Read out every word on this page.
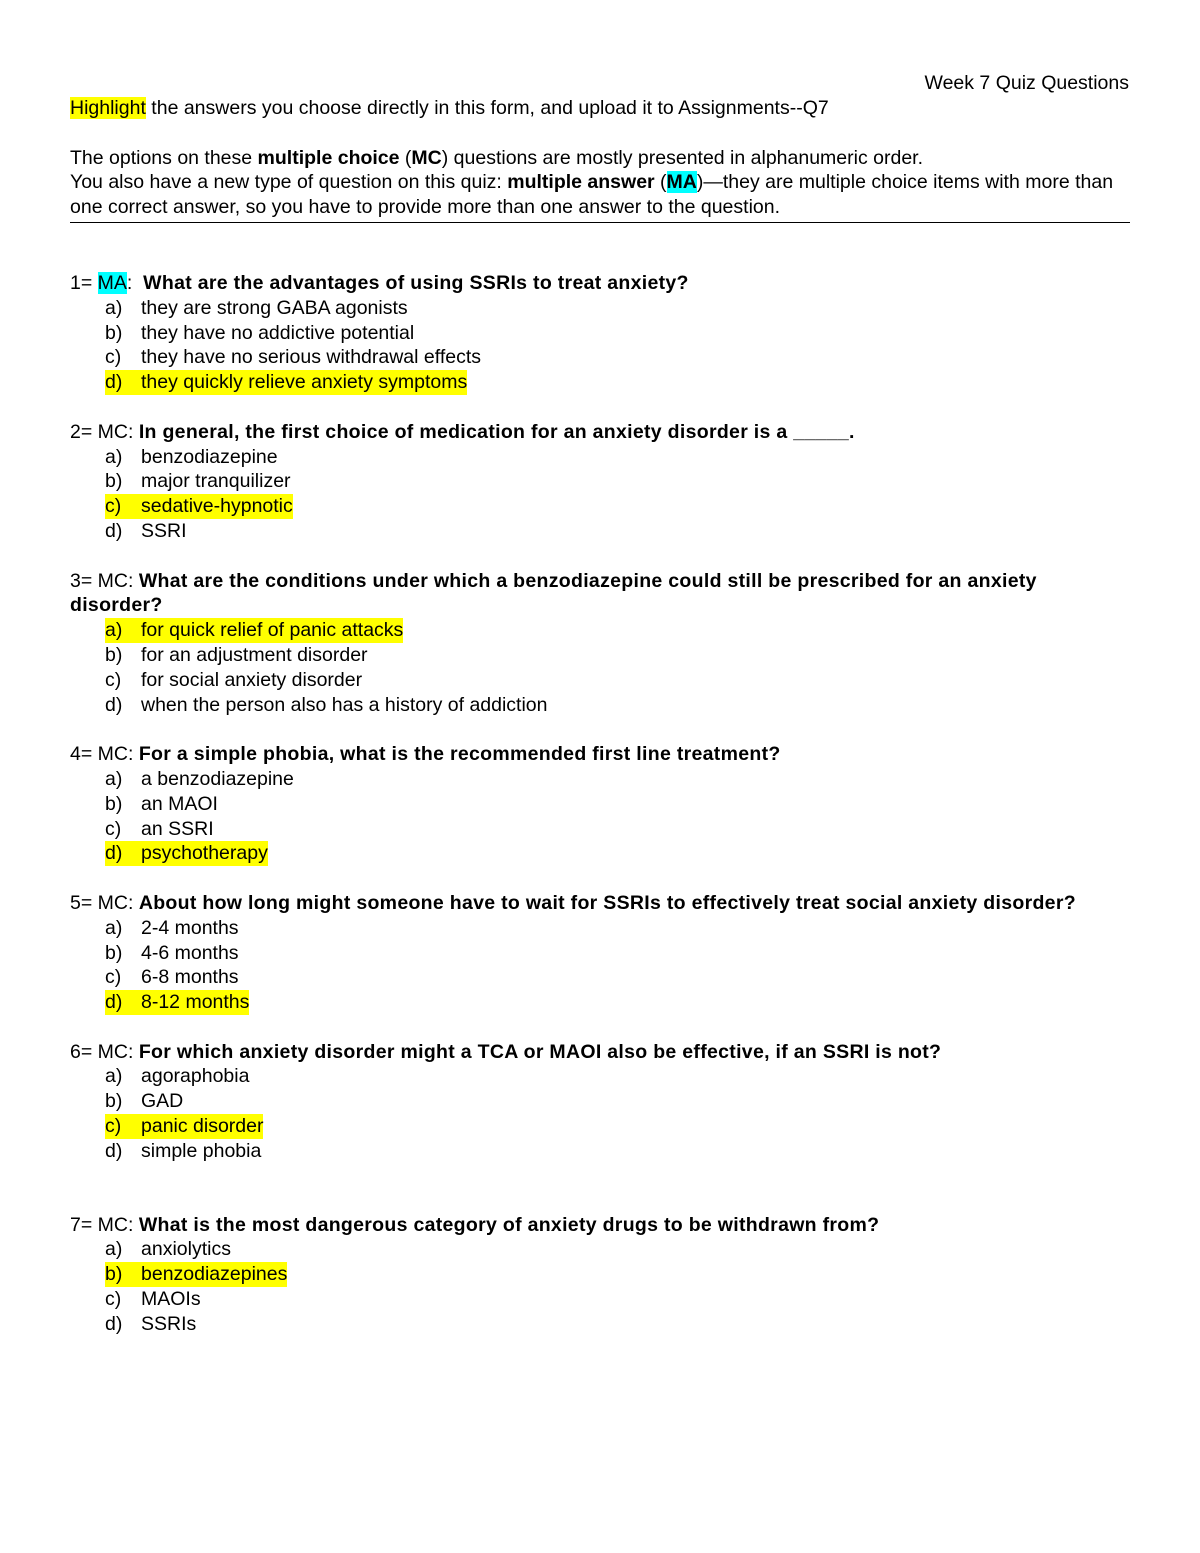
Week 7 Quiz Questions
Highlight the answers you choose directly in this form, and upload it to Assignments--Q7
The options on these multiple choice (MC) questions are mostly presented in alphanumeric order.
You also have a new type of question on this quiz: multiple answer (MA)—they are multiple choice items with more than one correct answer, so you have to provide more than one answer to the question.
1= MA:  What are the advantages of using SSRIs to treat anxiety?
a) they are strong GABA agonists
b) they have no addictive potential
c)	they have no serious withdrawal effects
d) they quickly relieve anxiety symptoms
2= MC: In general, the first choice of medication for an anxiety disorder is a _____.
a) benzodiazepine
b) major tranquilizer
c)	sedative-hypnotic
d) SSRI
3= MC: What are the conditions under which a benzodiazepine could still be prescribed for an anxiety disorder?
a) for quick relief of panic attacks
b) for an adjustment disorder
c)	for social anxiety disorder
d) when the person also has a history of addiction
4= MC: For a simple phobia, what is the recommended first line treatment?
a) a benzodiazepine
b) an MAOI
c)	an SSRI
d) psychotherapy
5= MC: About how long might someone have to wait for SSRIs to effectively treat social anxiety disorder?
a) 2-4 months
b) 4-6 months
c)	6-8 months
d) 8-12 months
6= MC: For which anxiety disorder might a TCA or MAOI also be effective, if an SSRI is not?
a) agoraphobia
b) GAD
c)	panic disorder
d) simple phobia
7= MC: What is the most dangerous category of anxiety drugs to be withdrawn from?
a) anxiolytics
b) benzodiazepines
c)	MAOIs
d) SSRIs
